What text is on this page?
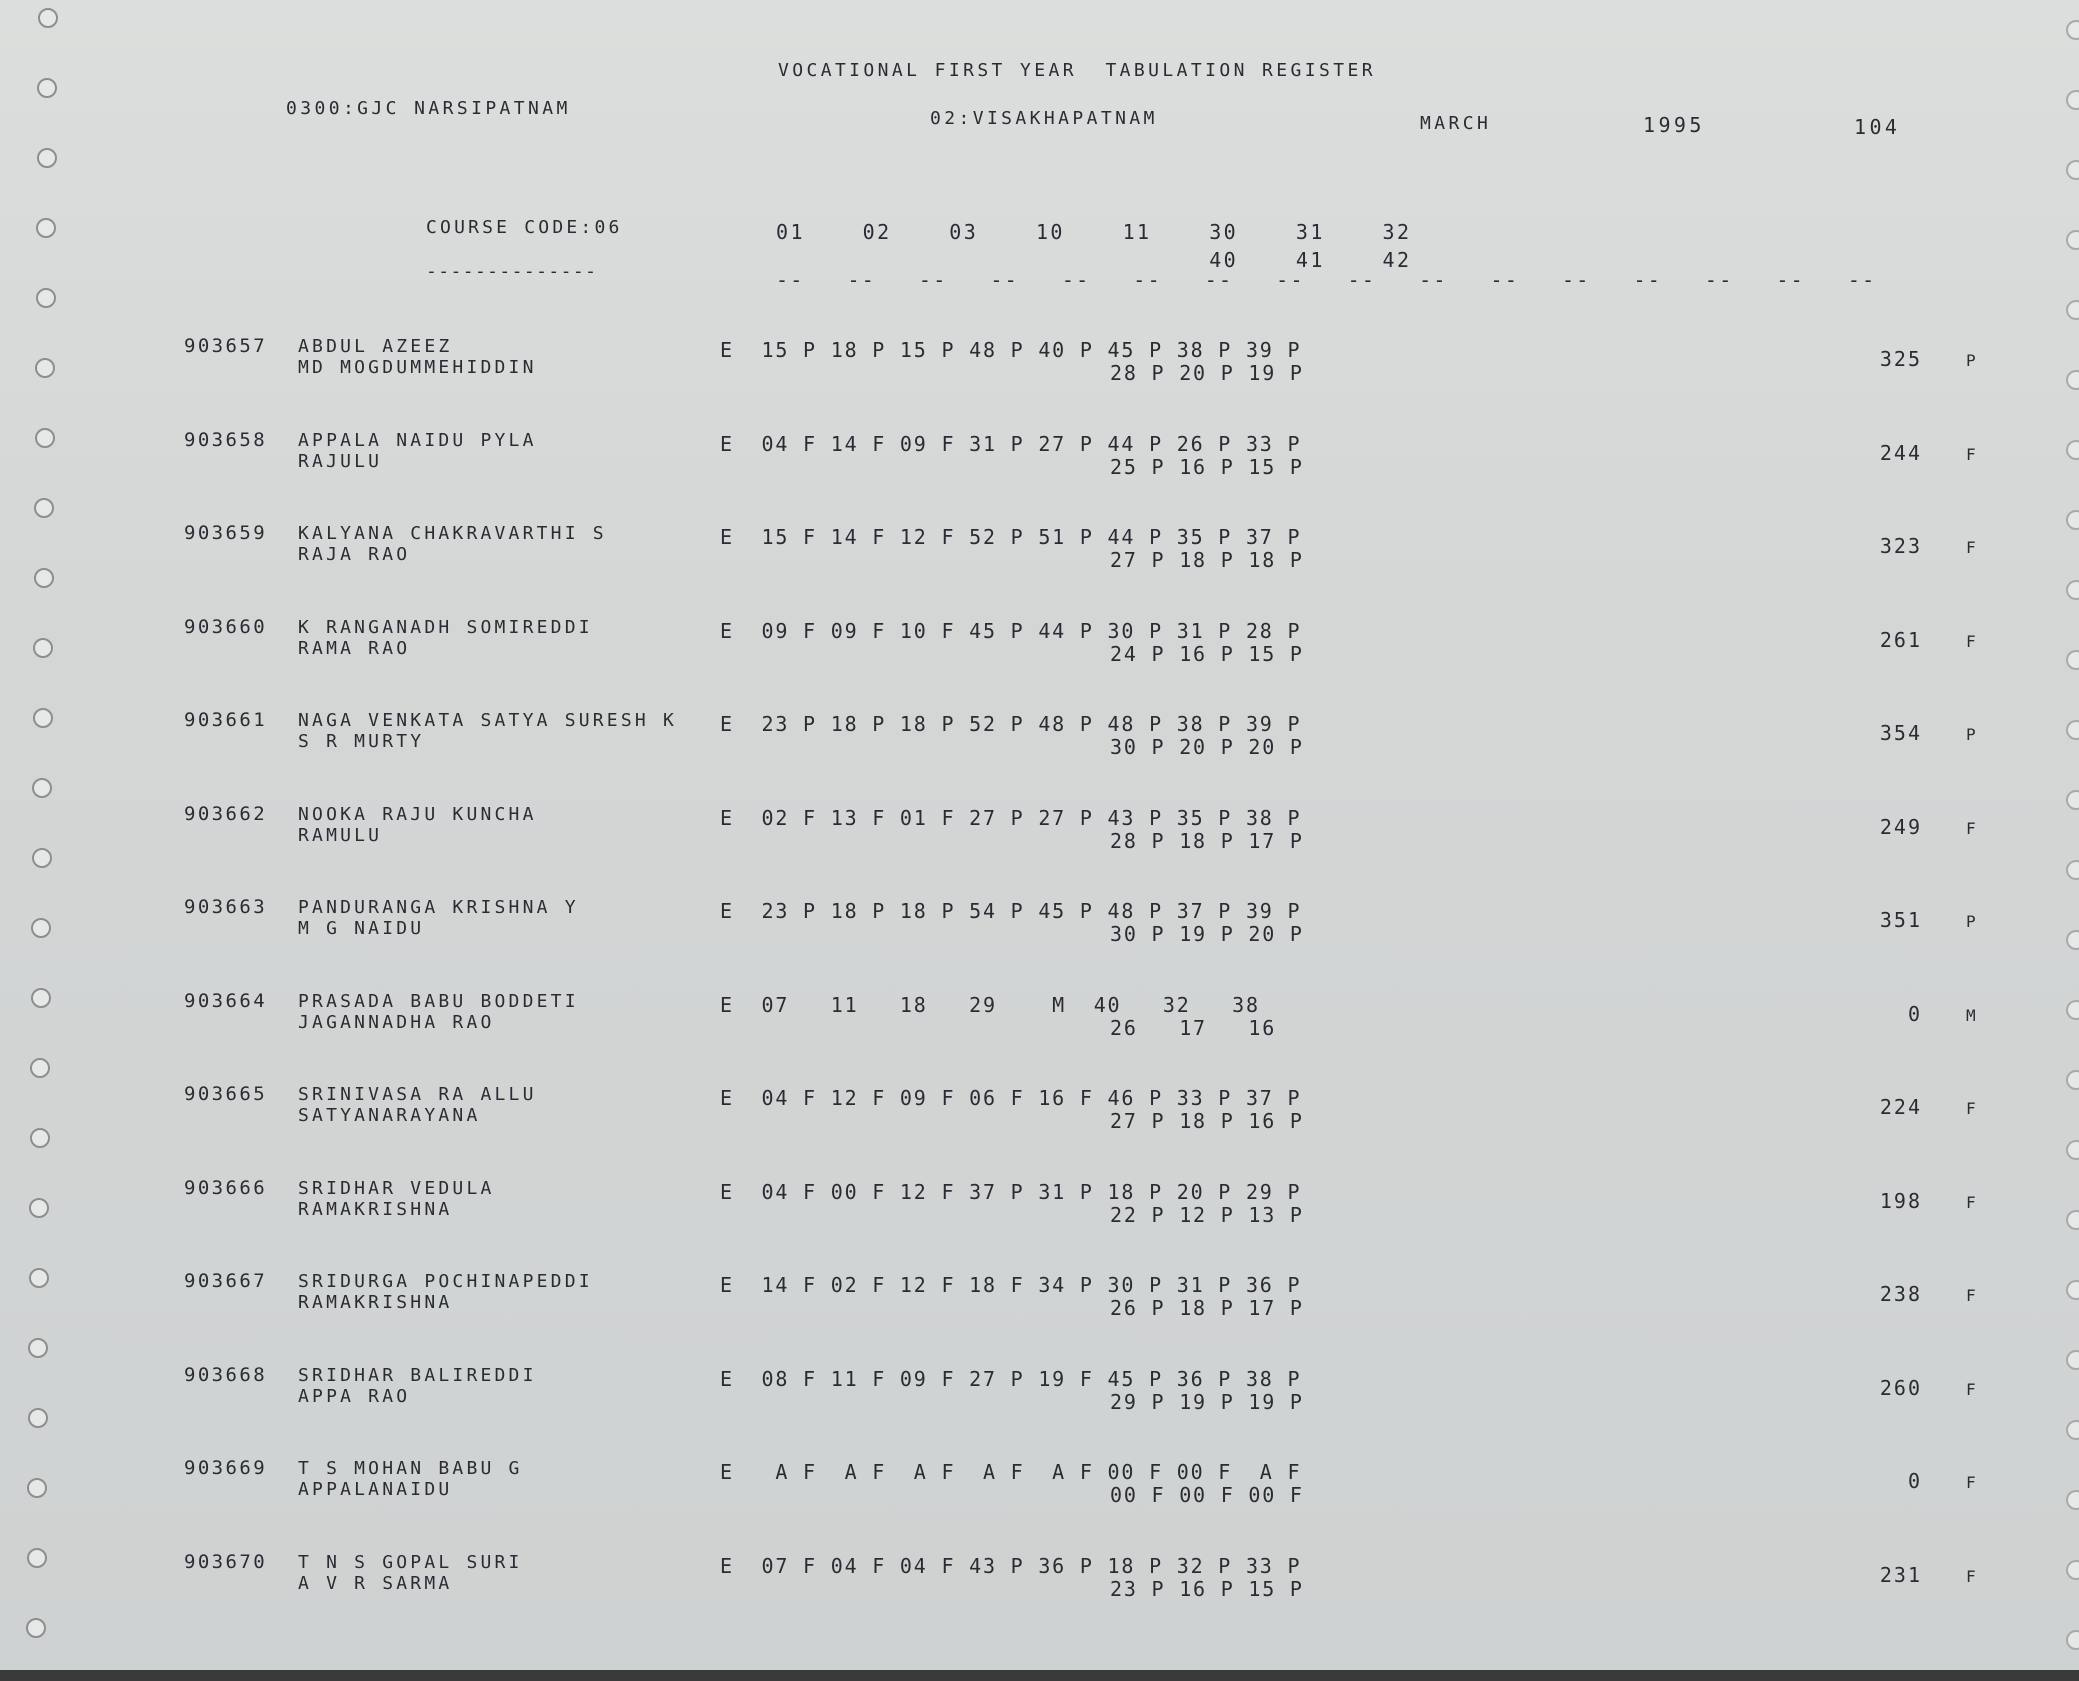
VOCATIONAL FIRST YEAR  TABULATION REGISTER
0300:GJC NARSIPATNAM	02:VISAKHAPATNAM	MARCH	1995	104
COURSE CODE:06
--------------
01    02    03    10    11    30    31    32
40    41    42
--   --   --   --   --   --   --   --   --   --   --   --   --   --   --   --
903657 ABDUL AZEEZ
MD MOGDUMMEHIDDIN
E  15 P 18 P 15 P 48 P 40 P 45 P 38 P 39 P
28 P 20 P 19 P
325	P
903658 APPALA NAIDU PYLA
RAJULU
E  04 F 14 F 09 F 31 P 27 P 44 P 26 P 33 P
25 P 16 P 15 P
244	F
903659 KALYANA CHAKRAVARTHI S
RAJA RAO
E  15 F 14 F 12 F 52 P 51 P 44 P 35 P 37 P
27 P 18 P 18 P
323	F
903660 K RANGANADH SOMIREDDI
RAMA RAO
E  09 F 09 F 10 F 45 P 44 P 30 P 31 P 28 P
24 P 16 P 15 P
261	F
903661 NAGA VENKATA SATYA SURESH K
S R MURTY
E  23 P 18 P 18 P 52 P 48 P 48 P 38 P 39 P
30 P 20 P 20 P
354	P
903662 NOOKA RAJU KUNCHA
RAMULU
E  02 F 13 F 01 F 27 P 27 P 43 P 35 P 38 P
28 P 18 P 17 P
249	F
903663 PANDURANGA KRISHNA Y
M G NAIDU
E  23 P 18 P 18 P 54 P 45 P 48 P 37 P 39 P
30 P 19 P 20 P
351	P
903664 PRASADA BABU BODDETI
JAGANNADHA RAO
E  07   11   18   29    M  40   32   38
26   17   16
0	M
903665 SRINIVASA RA ALLU
SATYANARAYANA
E  04 F 12 F 09 F 06 F 16 F 46 P 33 P 37 P
27 P 18 P 16 P
224	F
903666 SRIDHAR VEDULA
RAMAKRISHNA
E  04 F 00 F 12 F 37 P 31 P 18 P 20 P 29 P
22 P 12 P 13 P
198	F
903667 SRIDURGA POCHINAPEDDI
RAMAKRISHNA
E  14 F 02 F 12 F 18 F 34 P 30 P 31 P 36 P
26 P 18 P 17 P
238	F
903668 SRIDHAR BALIREDDI
APPA RAO
E  08 F 11 F 09 F 27 P 19 F 45 P 36 P 38 P
29 P 19 P 19 P
260	F
903669 T S MOHAN BABU G
APPALANAIDU
E   A F  A F  A F  A F  A F 00 F 00 F  A F
00 F 00 F 00 F
0	F
903670 T N S GOPAL SURI
A V R SARMA
E  07 F 04 F 04 F 43 P 36 P 18 P 32 P 33 P
23 P 16 P 15 P
231	F
